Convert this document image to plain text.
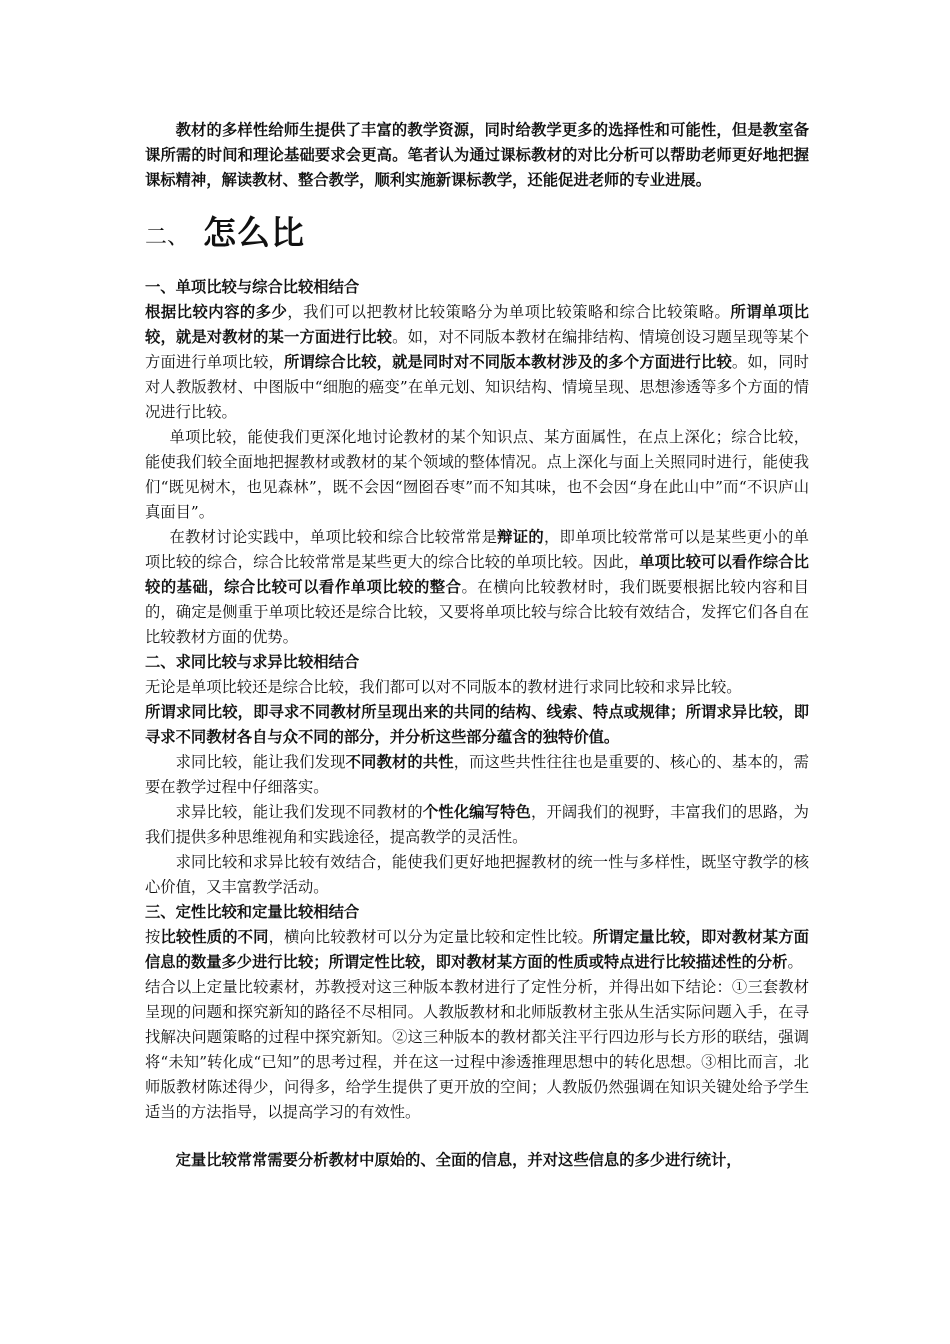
教材的多样性给师生提供了丰富的教学资源，同时给教学更多的选择性和可能性，但是教室备课所需的时间和理论基础要求会更高。笔者认为通过课标教材的对比分析可以帮助老师更好地把握课标精神，解读教材、整合教学，顺利实施新课标教学，还能促进老师的专业进展。

二、 怎么比

一、单项比较与综合比较相结合

根据比较内容的多少，我们可以把教材比较策略分为单项比较策略和综合比较策略。所谓单项比较，就是对教材的某一方面进行比较。如，对不同版本教材在编排结构、情境创设习题呈现等某个方面进行单项比较，所谓综合比较，就是同时对不同版本教材涉及的多个方面进行比较。如，同时对人教版教材、中图版中“细胞的癌变”在单元划、知识结构、情境呈现、思想渗透等多个方面的情况进行比较。

单项比较，能使我们更深化地讨论教材的某个知识点、某方面属性，在点上深化；综合比较，能使我们较全面地把握教材或教材的某个领域的整体情况。点上深化与面上关照同时进行，能使我们“既见树木，也见森林”，既不会因“囫囵吞枣”而不知其味，也不会因“身在此山中”而“不识庐山真面目”。

在教材讨论实践中，单项比较和综合比较常常是辩证的，即单项比较常常可以是某些更小的单项比较的综合，综合比较常常是某些更大的综合比较的单项比较。因此，单项比较可以看作综合比较的基础，综合比较可以看作单项比较的整合。在横向比较教材时，我们既要根据比较内容和目的，确定是侧重于单项比较还是综合比较，又要将单项比较与综合比较有效结合，发挥它们各自在比较教材方面的优势。

二、求同比较与求异比较相结合

无论是单项比较还是综合比较，我们都可以对不同版本的教材进行求同比较和求异比较。

所谓求同比较，即寻求不同教材所呈现出来的共同的结构、线索、特点或规律；所谓求异比较，即寻求不同教材各自与众不同的部分，并分析这些部分蕴含的独特价值。

求同比较，能让我们发现不同教材的共性，而这些共性往往也是重要的、核心的、基本的，需要在教学过程中仔细落实。

求异比较，能让我们发现不同教材的个性化编写特色，开阔我们的视野，丰富我们的思路，为我们提供多种思维视角和实践途径，提高教学的灵活性。

求同比较和求异比较有效结合，能使我们更好地把握教材的统一性与多样性，既坚守教学的核心价值，又丰富教学活动。

三、定性比较和定量比较相结合

按比较性质的不同，横向比较教材可以分为定量比较和定性比较。所谓定量比较，即对教材某方面信息的数量多少进行比较；所谓定性比较，即对教材某方面的性质或特点进行比较描述性的分析。

结合以上定量比较素材，苏教授对这三种版本教材进行了定性分析，并得出如下结论：①三套教材呈现的问题和探究新知的路径不尽相同。人教版教材和北师版教材主张从生活实际问题入手，在寻找解决问题策略的过程中探究新知。②这三种版本的教材都关注平行四边形与长方形的联结，强调将“未知”转化成“已知”的思考过程，并在这一过程中渗透推理思想中的转化思想。③相比而言，北师版教材陈述得少，问得多，给学生提供了更开放的空间；人教版仍然强调在知识关键处给予学生适当的方法指导，以提高学习的有效性。

定量比较常常需要分析教材中原始的、全面的信息，并对这些信息的多少进行统计，
